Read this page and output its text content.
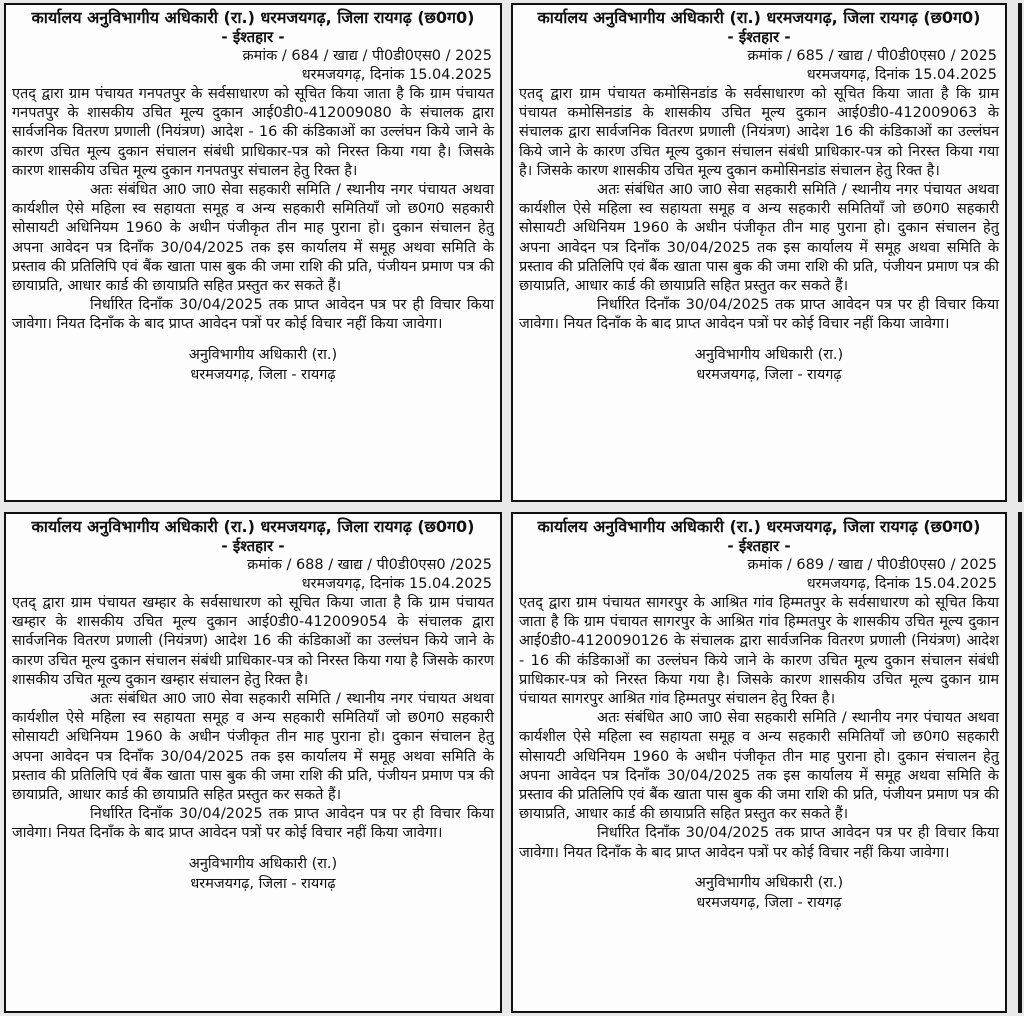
कार्यालय अनुविभागीय अधिकारी (रा.) धरमजयगढ़, जिला रायगढ़ (छ0ग0)
- ईश्तहार -
क्रमांक / 684 / खाद्य / पी0डी0एस0 / 2025
धरमजयगढ़, दिनांक 15.04.2025

एतद् द्वारा ग्राम पंचायत गनपतपुर के सर्वसाधारण को सूचित किया जाता है कि ग्राम पंचायत गनपतपुर के शासकीय उचित मूल्य दुकान आई0डी0-412009080 के संचालक द्वारा सार्वजनिक वितरण प्रणाली (नियंत्रण) आदेश - 16 की कंडिकाओं का उल्लंघन किये जाने के कारण उचित मूल्य दुकान संचालन संबंधी प्राधिकार-पत्र को निरस्त किया गया है। जिसके कारण शासकीय उचित मूल्य दुकान गनपतपुर संचालन हेतु रिक्त है।

अतः संबंधित आ0 जा0 सेवा सहकारी समिति / स्थानीय नगर पंचायत अथवा कार्यशील ऐसे महिला स्व सहायता समूह व अन्य सहकारी समितियाँ जो छ0ग0 सहकारी सोसायटी अधिनियम 1960 के अधीन पंजीकृत तीन माह पुराना हो। दुकान संचालन हेतु अपना आवेदन पत्र दिनाँक 30/04/2025 तक इस कार्यालय में समूह अथवा समिति के प्रस्ताव की प्रतिलिपि एवं बैंक खाता पास बुक की जमा राशि की प्रति, पंजीयन प्रमाण पत्र की छायाप्रति, आधार कार्ड की छायाप्रति सहित प्रस्तुत कर सकते हैं।

निर्धारित दिनाँक 30/04/2025 तक प्राप्त आवेदन पत्र पर ही विचार किया जावेगा। नियत दिनाँक के बाद प्राप्त आवेदन पत्रों पर कोई विचार नहीं किया जावेगा।

अनुविभागीय अधिकारी (रा.)
धरमजयगढ़, जिला - रायगढ़
कार्यालय अनुविभागीय अधिकारी (रा.) धरमजयगढ़, जिला रायगढ़ (छ0ग0)
- ईश्तहार -
क्रमांक / 685 / खाद्य / पी0डी0एस0 / 2025
धरमजयगढ़, दिनांक 15.04.2025

एतद् द्वारा ग्राम पंचायत कमोसिनडांड के सर्वसाधारण को सूचित किया जाता है कि ग्राम पंचायत कमोसिनडांड के शासकीय उचित मूल्य दुकान आई0डी0-412009063 के संचालक द्वारा सार्वजनिक वितरण प्रणाली (नियंत्रण) आदेश 16 की कंडिकाओं का उल्लंघन किये जाने के कारण उचित मूल्य दुकान संचालन संबंधी प्राधिकार-पत्र को निरस्त किया गया है। जिसके कारण शासकीय उचित मूल्य दुकान कमोसिनडांड संचालन हेतु रिक्त है।

अतः संबंधित आ0 जा0 सेवा सहकारी समिति / स्थानीय नगर पंचायत अथवा कार्यशील ऐसे महिला स्व सहायता समूह व अन्य सहकारी समितियाँ जो छ0ग0 सहकारी सोसायटी अधिनियम 1960 के अधीन पंजीकृत तीन माह पुराना हो। दुकान संचालन हेतु अपना आवेदन पत्र दिनाँक 30/04/2025 तक इस कार्यालय में समूह अथवा समिति के प्रस्ताव की प्रतिलिपि एवं बैंक खाता पास बुक की जमा राशि की प्रति, पंजीयन प्रमाण पत्र की छायाप्रति, आधार कार्ड की छायाप्रति सहित प्रस्तुत कर सकते हैं।

निर्धारित दिनाँक 30/04/2025 तक प्राप्त आवेदन पत्र पर ही विचार किया जावेगा। नियत दिनाँक के बाद प्राप्त आवेदन पत्रों पर कोई विचार नहीं किया जावेगा।

अनुविभागीय अधिकारी (रा.)
धरमजयगढ़, जिला - रायगढ़
कार्यालय अनुविभागीय अधिकारी (रा.) धरमजयगढ़, जिला रायगढ़ (छ0ग0)
- ईश्तहार -
क्रमांक / 688 / खाद्य / पी0डी0एस0 /2025
धरमजयगढ़, दिनांक 15.04.2025

एतद् द्वारा ग्राम पंचायत खम्हार के सर्वसाधारण को सूचित किया जाता है कि ग्राम पंचायत खम्हार के शासकीय उचित मूल्य दुकान आई0डी0-412009054 के संचालक द्वारा सार्वजनिक वितरण प्रणाली (नियंत्रण) आदेश 16 की कंडिकाओं का उल्लंघन किये जाने के कारण उचित मूल्य दुकान संचालन संबंधी प्राधिकार-पत्र को निरस्त किया गया है जिसके कारण शासकीय उचित मूल्य दुकान खम्हार संचालन हेतु रिक्त है।

अतः संबंधित आ0 जा0 सेवा सहकारी समिति / स्थानीय नगर पंचायत अथवा कार्यशील ऐसे महिला स्व सहायता समूह व अन्य सहकारी समितियाँ जो छ0ग0 सहकारी सोसायटी अधिनियम 1960 के अधीन पंजीकृत तीन माह पुराना हो। दुकान संचालन हेतु अपना आवेदन पत्र दिनाँक 30/04/2025 तक इस कार्यालय में समूह अथवा समिति के प्रस्ताव की प्रतिलिपि एवं बैंक खाता पास बुक की जमा राशि की प्रति, पंजीयन प्रमाण पत्र की छायाप्रति, आधार कार्ड की छायाप्रति सहित प्रस्तुत कर सकते हैं।

निर्धारित दिनाँक 30/04/2025 तक प्राप्त आवेदन पत्र पर ही विचार किया जावेगा। नियत दिनाँक के बाद प्राप्त आवेदन पत्रों पर कोई विचार नहीं किया जावेगा।

अनुविभागीय अधिकारी (रा.)
धरमजयगढ़, जिला - रायगढ़
कार्यालय अनुविभागीय अधिकारी (रा.) धरमजयगढ़, जिला रायगढ़ (छ0ग0)
- ईश्तहार -
क्रमांक / 689 / खाद्य / पी0डी0एस0 / 2025
धरमजयगढ़, दिनांक 15.04.2025

एतद् द्वारा ग्राम पंचायत सागरपुर के आश्रित गांव हिम्मतपुर के सर्वसाधारण को सूचित किया जाता है कि ग्राम पंचायत सागरपुर के आश्रित गांव हिम्मतपुर के शासकीय उचित मूल्य दुकान आई0डी0-4120090126 के संचालक द्वारा सार्वजनिक वितरण प्रणाली (नियंत्रण) आदेश - 16 की कंडिकाओं का उल्लंघन किये जाने के कारण उचित मूल्य दुकान संचालन संबंधी प्राधिकार-पत्र को निरस्त किया गया है। जिसके कारण शासकीय उचित मूल्य दुकान ग्राम पंचायत सागरपुर आश्रित गांव हिम्मतपुर संचालन हेतु रिक्त है।

अतः संबंधित आ0 जा0 सेवा सहकारी समिति / स्थानीय नगर पंचायत अथवा कार्यशील ऐसे महिला स्व सहायता समूह व अन्य सहकारी समितियाँ जो छ0ग0 सहकारी सोसायटी अधिनियम 1960 के अधीन पंजीकृत तीन माह पुराना हो। दुकान संचालन हेतु अपना आवेदन पत्र दिनाँक 30/04/2025 तक इस कार्यालय में समूह अथवा समिति के प्रस्ताव की प्रतिलिपि एवं बैंक खाता पास बुक की जमा राशि की प्रति, पंजीयन प्रमाण पत्र की छायाप्रति, आधार कार्ड की छायाप्रति सहित प्रस्तुत कर सकते हैं।

निर्धारित दिनाँक 30/04/2025 तक प्राप्त आवेदन पत्र पर ही विचार किया जावेगा। नियत दिनाँक के बाद प्राप्त आवेदन पत्रों पर कोई विचार नहीं किया जावेगा।

अनुविभागीय अधिकारी (रा.)
धरमजयगढ़, जिला - रायगढ़
